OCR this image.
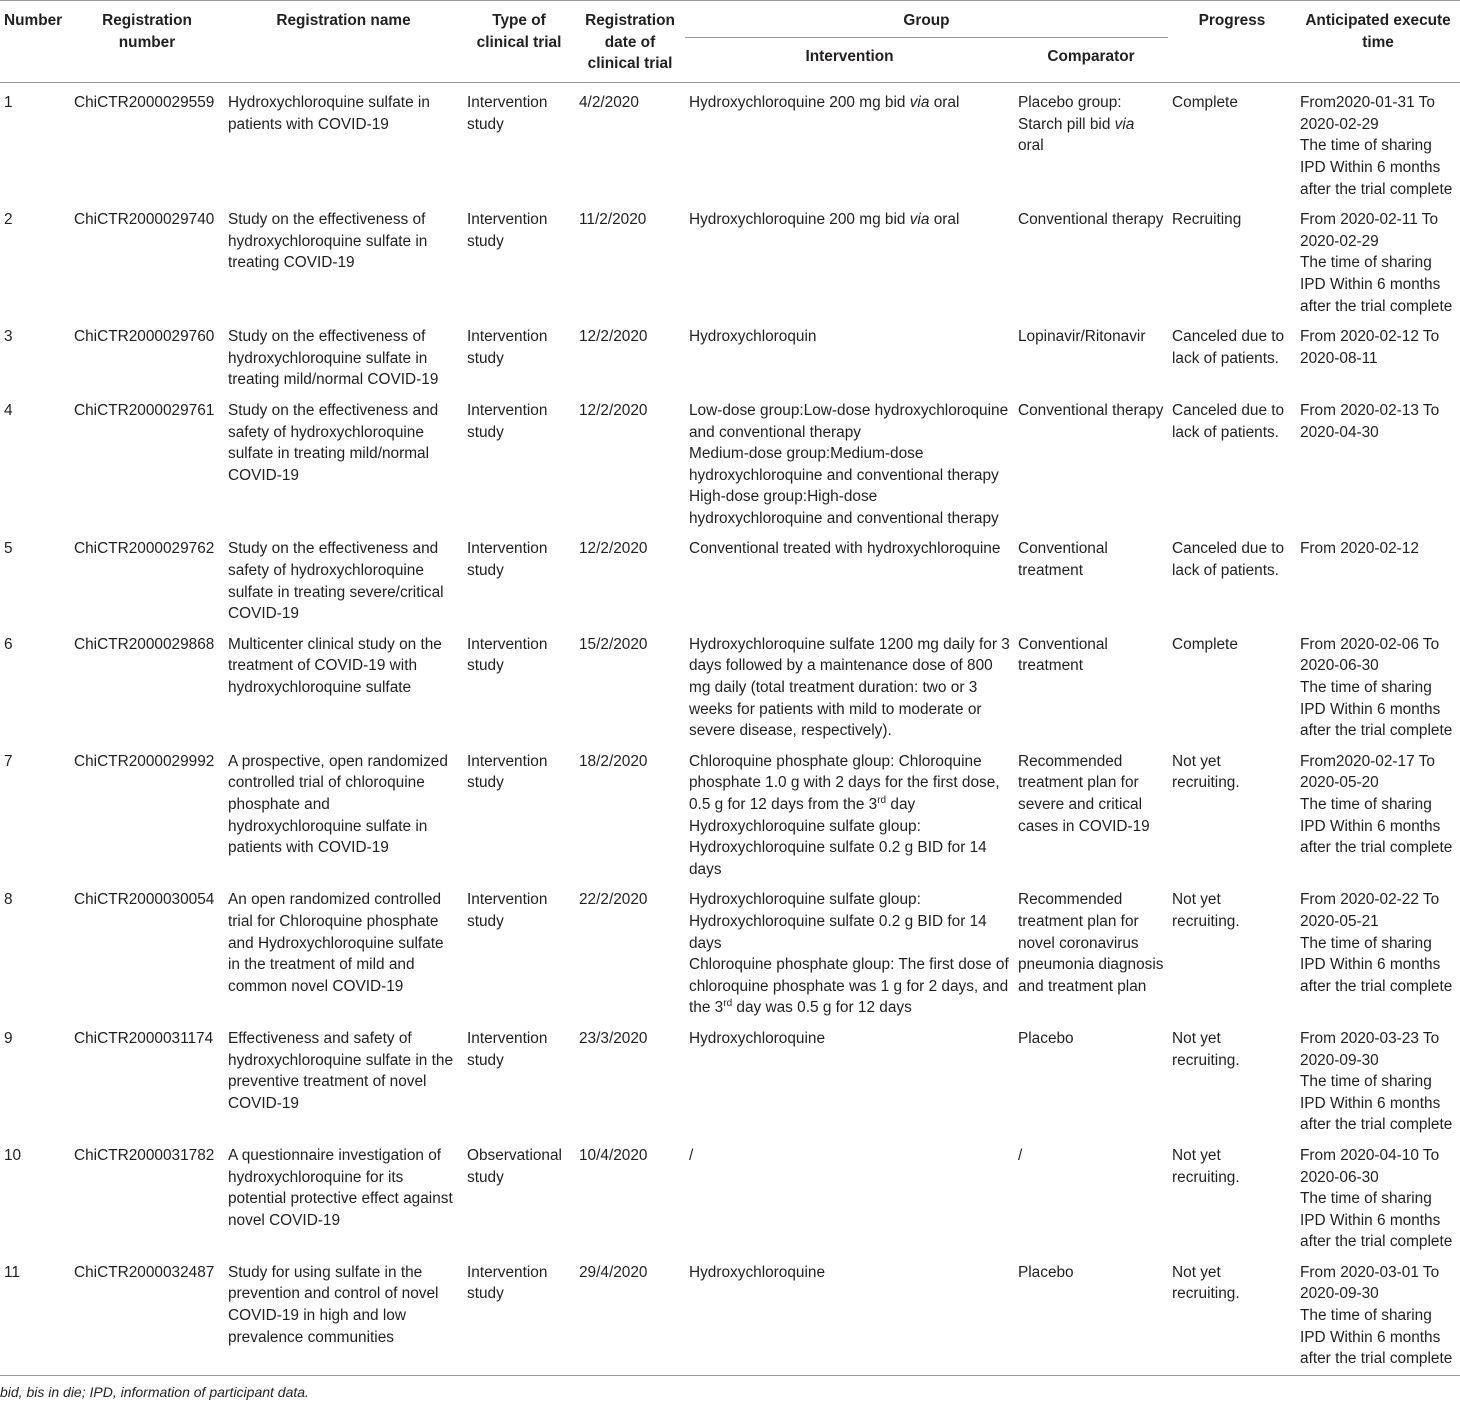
Number	Registration number	Registration name	Type of clinical trial	Registration date of clinical trial	Group		Progress	Anticipated execute time
					Intervention	Comparator		
1	ChiCTR2000029559	Hydroxychloroquine sulfate in patients with COVID-19	Intervention study	4/2/2020	Hydroxychloroquine 200 mg bid via oral	Placebo group: Starch pill bid via oral	Complete	From2020-01-31 To 2020-02-29
The time of sharing IPD Within 6 months after the trial complete

2	ChiCTR2000029740	Study on the effectiveness of hydroxychloroquine sulfate in treating COVID-19	Intervention study	11/2/2020	Hydroxychloroquine 200 mg bid via oral	Conventional therapy	Recruiting	From 2020-02-11 To 2020-02-29
The time of sharing IPD Within 6 months after the trial complete

3	ChiCTR2000029760	Study on the effectiveness of hydroxychloroquine sulfate in treating mild/normal COVID-19	Intervention study	12/2/2020	Hydroxychloroquin	Lopinavir/Ritonavir	Canceled due to lack of patients.	From 2020-02-12 To 2020-08-11

4	ChiCTR2000029761	Study on the effectiveness and safety of hydroxychloroquine sulfate in treating mild/normal COVID-19	Intervention study	12/2/2020	Low-dose group:Low-dose hydroxychloroquine and conventional therapy
Medium-dose group:Medium-dose hydroxychloroquine and conventional therapy
High-dose group:High-dose hydroxychloroquine and conventional therapy	Conventional therapy	Canceled due to lack of patients.	From 2020-02-13 To 2020-04-30

5	ChiCTR2000029762	Study on the effectiveness and safety of hydroxychloroquine sulfate in treating severe/critical COVID-19	Intervention study	12/2/2020	Conventional treated with hydroxychloroquine	Conventional treatment	Canceled due to lack of patients.	From 2020-02-12

6	ChiCTR2000029868	Multicenter clinical study on the treatment of COVID-19 with hydroxychloroquine sulfate	Intervention study	15/2/2020	Hydroxychloroquine sulfate 1200 mg daily for 3 days followed by a maintenance dose of 800 mg daily (total treatment duration: two or 3 weeks for patients with mild to moderate or severe disease, respectively).	Conventional treatment	Complete	From 2020-02-06 To 2020-06-30
The time of sharing IPD Within 6 months after the trial complete

7	ChiCTR2000029992	A prospective, open randomized controlled trial of chloroquine phosphate and hydroxychloroquine sulfate in patients with COVID-19	Intervention study	18/2/2020	Chloroquine phosphate gloup: Chloroquine phosphate 1.0 g with 2 days for the first dose, 0.5 g for 12 days from the 3rd day
Hydroxychloroquine sulfate gloup: Hydroxychloroquine sulfate 0.2 g BID for 14 days	Recommended treatment plan for severe and critical cases in COVID-19	Not yet recruiting.	From2020-02-17 To 2020-05-20
The time of sharing IPD Within 6 months after the trial complete

8	ChiCTR2000030054	An open randomized controlled trial for Chloroquine phosphate and Hydroxychloroquine sulfate in the treatment of mild and common novel COVID-19	Intervention study	22/2/2020	Hydroxychloroquine sulfate gloup: Hydroxychloroquine sulfate 0.2 g BID for 14 days
Chloroquine phosphate gloup: The first dose of chloroquine phosphate was 1 g for 2 days, and the 3rd day was 0.5 g for 12 days	Recommended treatment plan for novel coronavirus pneumonia diagnosis and treatment plan	Not yet recruiting.	From 2020-02-22 To 2020-05-21
The time of sharing IPD Within 6 months after the trial complete

9	ChiCTR2000031174	Effectiveness and safety of hydroxychloroquine sulfate in the preventive treatment of novel COVID-19	Intervention study	23/3/2020	Hydroxychloroquine	Placebo	Not yet recruiting.	From 2020-03-23 To 2020-09-30
The time of sharing IPD Within 6 months after the trial complete

10	ChiCTR2000031782	A questionnaire investigation of hydroxychloroquine for its potential protective effect against novel COVID-19	Observational study	10/4/2020	/	/	Not yet recruiting.	From 2020-04-10 To 2020-06-30
The time of sharing IPD Within 6 months after the trial complete

11	ChiCTR2000032487	Study for using sulfate in the prevention and control of novel COVID-19 in high and low prevalence communities	Intervention study	29/4/2020	Hydroxychloroquine	Placebo	Not yet recruiting.	From 2020-03-01 To 2020-09-30
The time of sharing IPD Within 6 months after the trial complete
bid, bis in die; IPD, information of participant data.
